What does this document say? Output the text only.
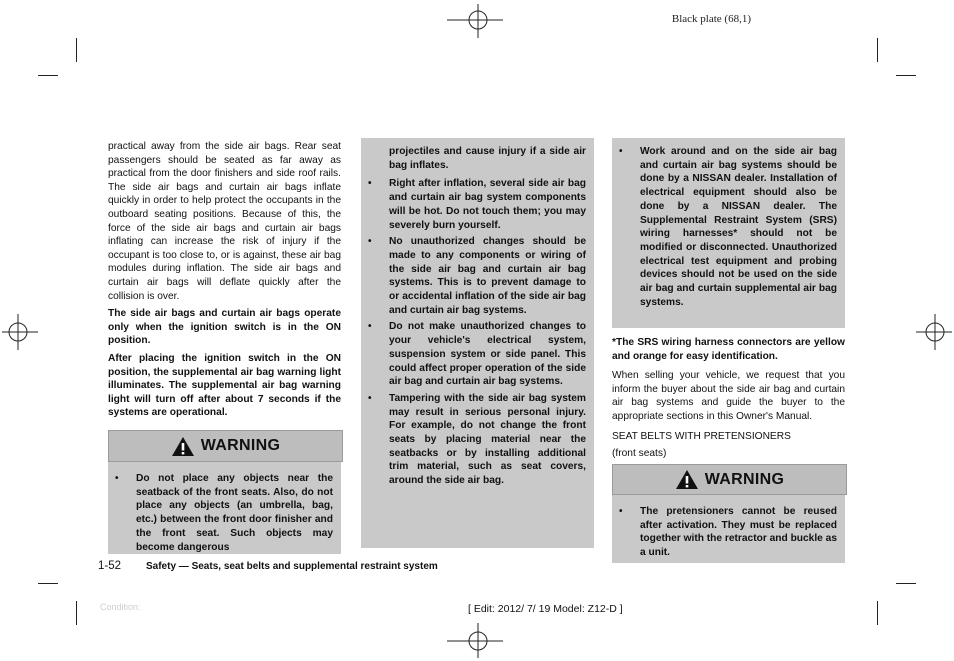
Black plate (68,1)

practical away from the side air bags. Rear seat passengers should be seated as far away as practical from the door finishers and side roof rails. The side air bags and curtain air bags inflate quickly in order to help protect the occupants in the outboard seating positions. Because of this, the force of the side air bags and curtain air bags inflating can increase the risk of injury if the occupant is too close to, or is against, these air bag modules during inflation. The side air bags and curtain air bags will deflate quickly after the collision is over.

The side air bags and curtain air bags operate only when the ignition switch is in the ON position.

After placing the ignition switch in the ON position, the supplemental air bag warning light illuminates. The supplemental air bag warning light will turn off after about 7 seconds if the systems are operational.

WARNING
• Do not place any objects near the seatback of the front seats. Also, do not place any objects (an umbrella, bag, etc.) between the front door finisher and the front seat. Such objects may become dangerous
projectiles and cause injury if a side air bag inflates.
• Right after inflation, several side air bag and curtain air bag system components will be hot. Do not touch them; you may severely burn yourself.
• No unauthorized changes should be made to any components or wiring of the side air bag and curtain air bag systems. This is to prevent damage to or accidental inflation of the side air bag and curtain air bag systems.
• Do not make unauthorized changes to your vehicle's electrical system, suspension system or side panel. This could affect proper operation of the side air bag and curtain air bag systems.
• Tampering with the side air bag system may result in serious personal injury. For example, do not change the front seats by placing material near the seatbacks or by installing additional trim material, such as seat covers, around the side air bag.
• Work around and on the side air bag and curtain air bag systems should be done by a NISSAN dealer. Installation of electrical equipment should also be done by a NISSAN dealer. The Supplemental Restraint System (SRS) wiring harnesses* should not be modified or disconnected. Unauthorized electrical test equipment and probing devices should not be used on the side air bag and curtain supplemental air bag systems.

*The SRS wiring harness connectors are yellow and orange for easy identification.

When selling your vehicle, we request that you inform the buyer about the side air bag and curtain air bag systems and guide the buyer to the appropriate sections in this Owner's Manual.

SEAT BELTS WITH PRETENSIONERS

(front seats)

WARNING
• The pretensioners cannot be reused after activation. They must be replaced together with the retractor and buckle as a unit.
1-52 Safety — Seats, seat belts and supplemental restraint system
Condition:	[ Edit: 2012/ 7/ 19 Model: Z12-D ]
